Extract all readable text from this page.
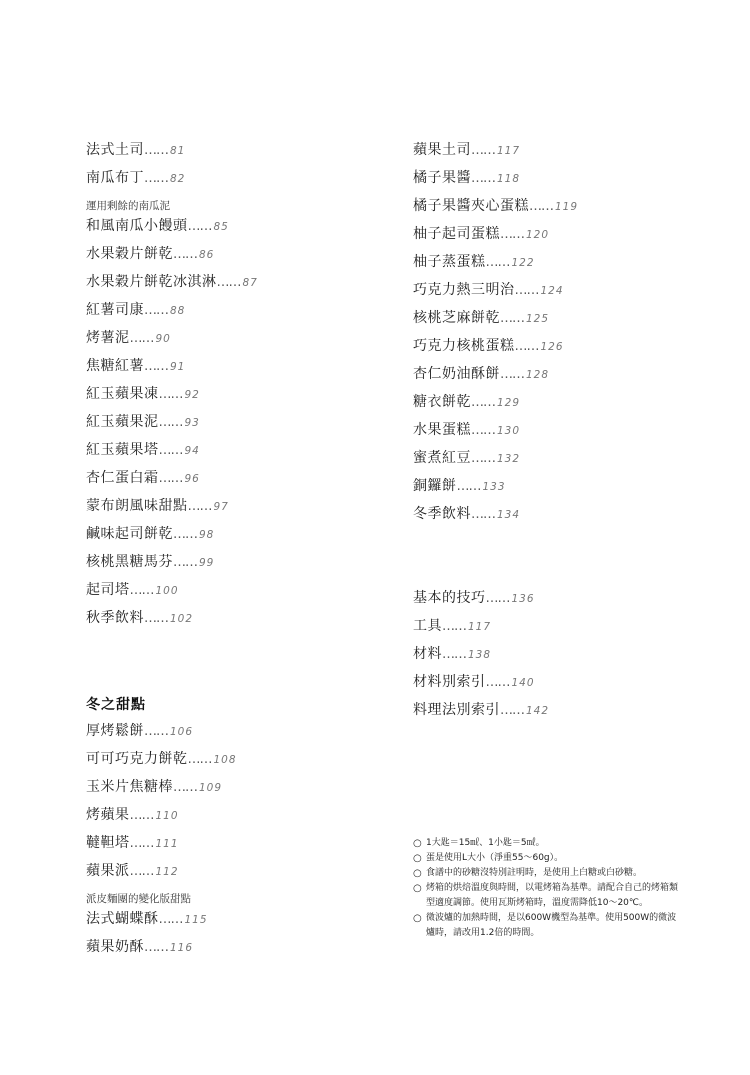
法式土司…… 81
南瓜布丁…… 82
運用剩餘的南瓜泥
和風南瓜小饅頭…… 85
水果穀片餅乾…… 86
水果穀片餅乾冰淇淋…… 87
紅薯司康…… 88
烤薯泥…… 90
焦糖紅薯…… 91
紅玉蘋果凍…… 92
紅玉蘋果泥…… 93
紅玉蘋果塔…… 94
杏仁蛋白霜…… 96
蒙布朗風味甜點…… 97
鹹味起司餅乾…… 98
核桃黑糖馬芬…… 99
起司塔…… 100
秋季飲料…… 102
冬之甜點
厚烤鬆餅…… 106
可可巧克力餅乾…… 108
玉米片焦糖棒…… 109
烤蘋果…… 110
韃靼塔…… 111
蘋果派…… 112
派皮麵團的變化版甜點
法式蝴蝶酥…… 115
蘋果奶酥…… 116
蘋果土司…… 117
橘子果醬…… 118
橘子果醬夾心蛋糕…… 119
柚子起司蛋糕…… 120
柚子蒸蛋糕…… 122
巧克力熱三明治…… 124
核桃芝麻餅乾…… 125
巧克力核桃蛋糕…… 126
杏仁奶油酥餅…… 128
糖衣餅乾…… 129
水果蛋糕…… 130
蜜煮紅豆…… 132
銅鑼餅…… 133
冬季飲料…… 134
基本的技巧…… 136
工具…… 117
材料…… 138
材料別索引…… 140
料理法別索引…… 142
○ 1大匙＝15㎖、1小匙＝5㎖。
○ 蛋是使用L大小（淨重55～60g）。
○ 食譜中的砂糖沒特別註明時，是使用上白糖或白砂糖。
○ 烤箱的烘焙溫度與時間，以電烤箱為基準。請配合自己的烤箱類型適度調節。使用瓦斯烤箱時，溫度需降低10～20℃。
○ 微波爐的加熱時間，是以600W機型為基準。使用500W的微波爐時，請改用1.2倍的時間。
